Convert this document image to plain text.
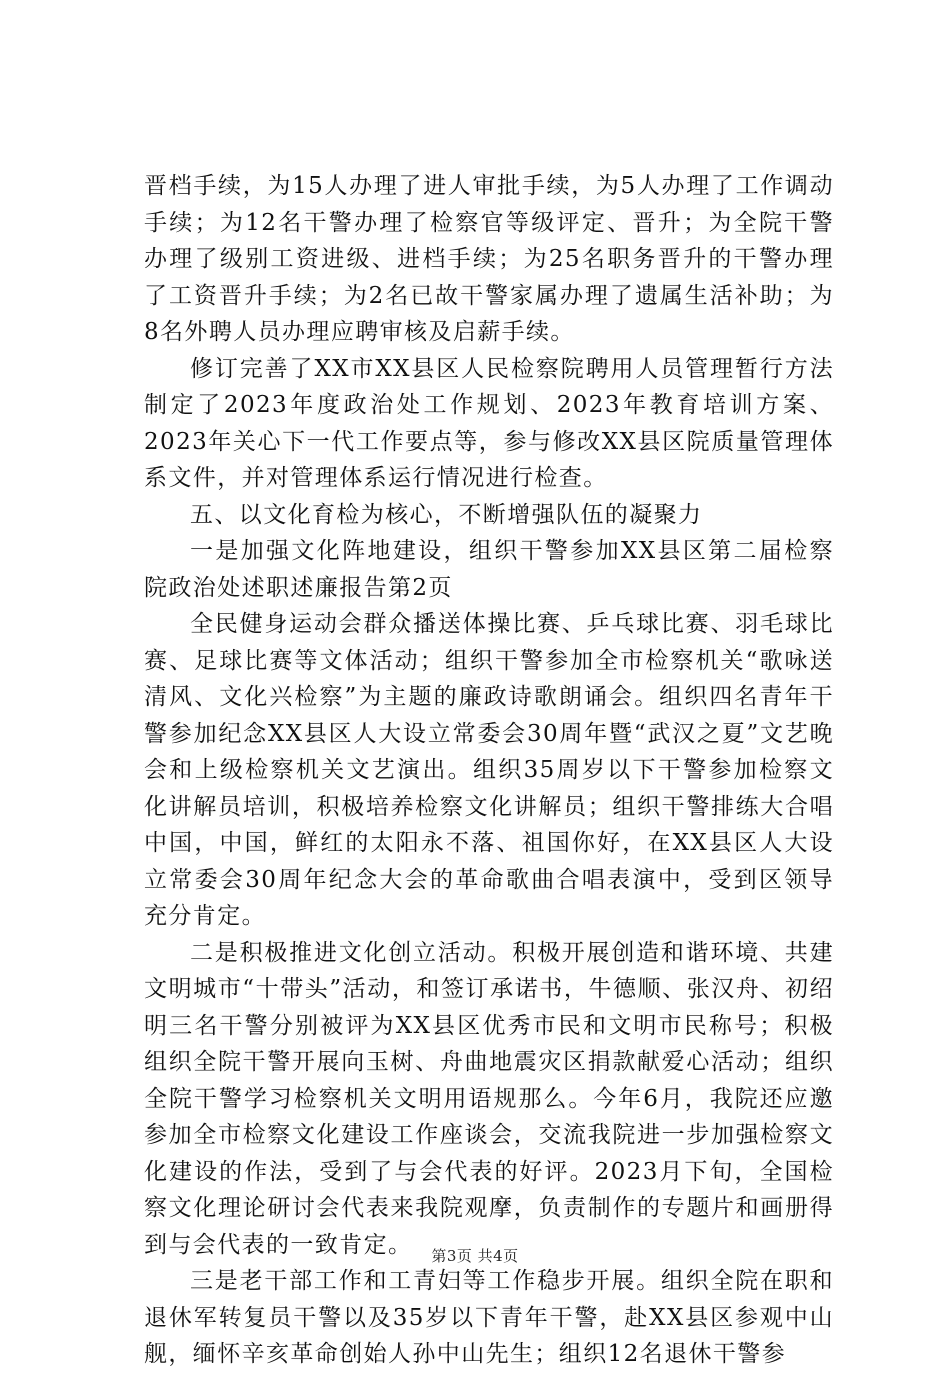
晋档手续，为15人办理了进人审批手续，为5人办理了工作调动手续；为12名干警办理了检察官等级评定、晋升；为全院干警办理了级别工资进级、进档手续；为25名职务晋升的干警办理了工资晋升手续；为2名已故干警家属办理了遗属生活补助；为8名外聘人员办理应聘审核及启薪手续。

修订完善了XX市XX县区人民检察院聘用人员管理暂行方法制定了2023年度政治处工作规划、2023年教育培训方案、2023年关心下一代工作要点等，参与修改XX县区院质量管理体系文件，并对管理体系运行情况进行检查。

五、以文化育检为核心，不断增强队伍的凝聚力

一是加强文化阵地建设，组织干警参加XX县区第二届检察院政治处述职述廉报告第2页

全民健身运动会群众播送体操比赛、乒乓球比赛、羽毛球比赛、足球比赛等文体活动；组织干警参加全市检察机关“歌咏送清风、文化兴检察”为主题的廉政诗歌朗诵会。组织四名青年干警参加纪念XX县区人大设立常委会30周年暨“武汉之夏”文艺晚会和上级检察机关文艺演出。组织35周岁以下干警参加检察文化讲解员培训，积极培养检察文化讲解员；组织干警排练大合唱中国，中国，鲜红的太阳永不落、祖国你好，在XX县区人大设立常委会30周年纪念大会的革命歌曲合唱表演中，受到区领导充分肯定。

二是积极推进文化创立活动。积极开展创造和谐环境、共建文明城市“十带头”活动，和签订承诺书，牛德顺、张汉舟、初绍明三名干警分别被评为XX县区优秀市民和文明市民称号；积极组织全院干警开展向玉树、舟曲地震灾区捐款献爱心活动；组织全院干警学习检察机关文明用语规那么。今年6月，我院还应邀参加全市检察文化建设工作座谈会，交流我院进一步加强检察文化建设的作法，受到了与会代表的好评。2023月下旬，全国检察文化理论研讨会代表来我院观摩，负责制作的专题片和画册得到与会代表的一致肯定。

三是老干部工作和工青妇等工作稳步开展。组织全院在职和退休军转复员干警以及35岁以下青年干警，赴XX县区参观中山舰，缅怀辛亥革命创始人孙中山先生；组织12名退休干警参

第3页 共4页
